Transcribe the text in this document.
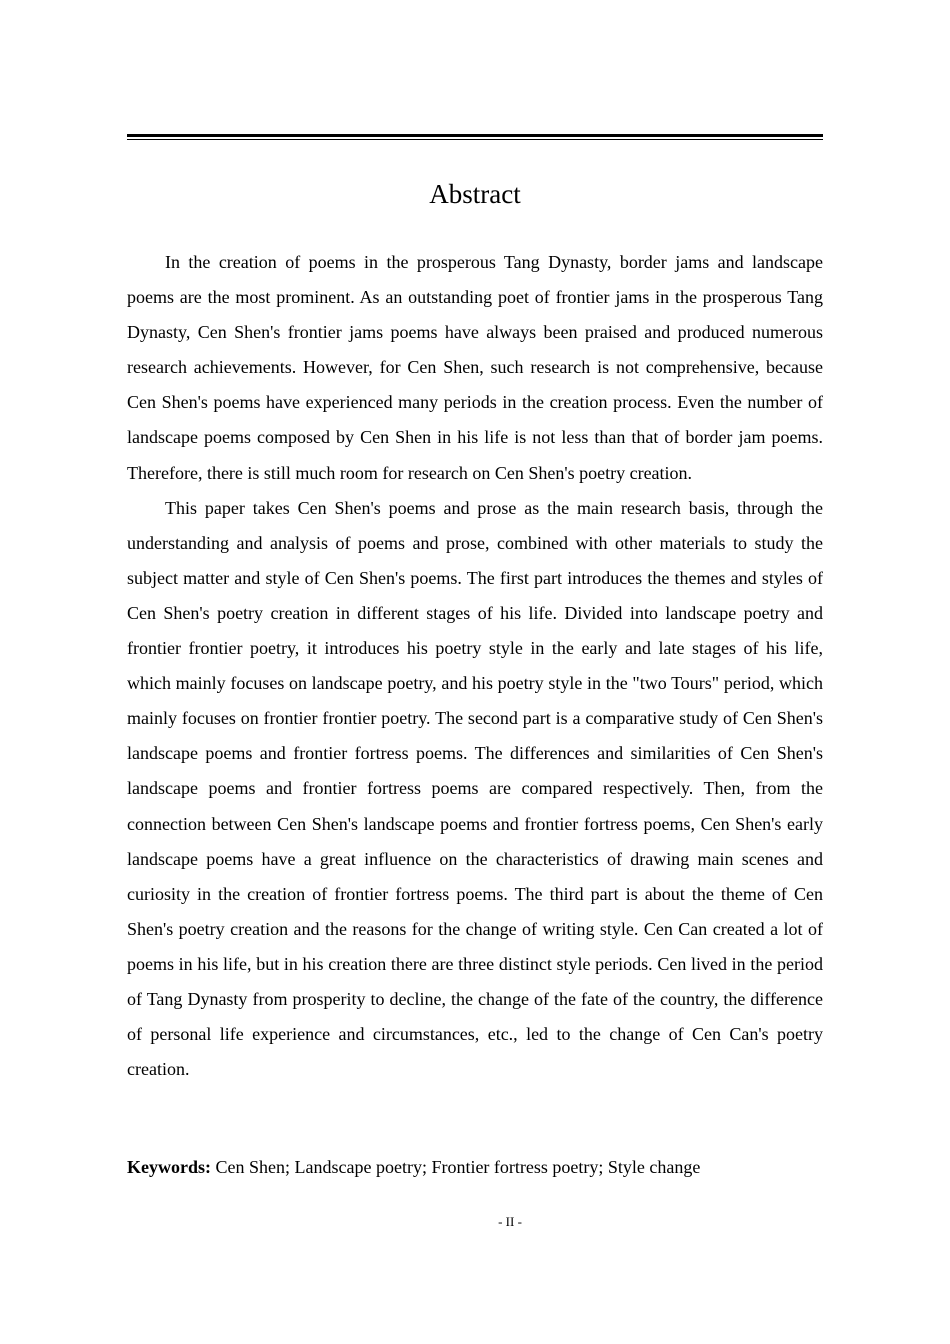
Abstract

In the creation of poems in the prosperous Tang Dynasty, border jams and landscape poems are the most prominent. As an outstanding poet of frontier jams in the prosperous Tang Dynasty, Cen Shen's frontier jams poems have always been praised and produced numerous research achievements. However, for Cen Shen, such research is not comprehensive, because Cen Shen's poems have experienced many periods in the creation process. Even the number of landscape poems composed by Cen Shen in his life is not less than that of border jam poems. Therefore, there is still much room for research on Cen Shen's poetry creation.

This paper takes Cen Shen's poems and prose as the main research basis, through the understanding and analysis of poems and prose, combined with other materials to study the subject matter and style of Cen Shen's poems. The first part introduces the themes and styles of Cen Shen's poetry creation in different stages of his life. Divided into landscape poetry and frontier frontier poetry, it introduces his poetry style in the early and late stages of his life, which mainly focuses on landscape poetry, and his poetry style in the "two Tours" period, which mainly focuses on frontier frontier poetry. The second part is a comparative study of Cen Shen's landscape poems and frontier fortress poems. The differences and similarities of Cen Shen's landscape poems and frontier fortress poems are compared respectively. Then, from the connection between Cen Shen's landscape poems and frontier fortress poems, Cen Shen's early landscape poems have a great influence on the characteristics of drawing main scenes and curiosity in the creation of frontier fortress poems. The third part is about the theme of Cen Shen's poetry creation and the reasons for the change of writing style. Cen Can created a lot of poems in his life, but in his creation there are three distinct style periods. Cen lived in the period of Tang Dynasty from prosperity to decline, the change of the fate of the country, the difference of personal life experience and circumstances, etc., led to the change of Cen Can's poetry creation.

Keywords: Cen Shen; Landscape poetry; Frontier fortress poetry; Style change

- II -
